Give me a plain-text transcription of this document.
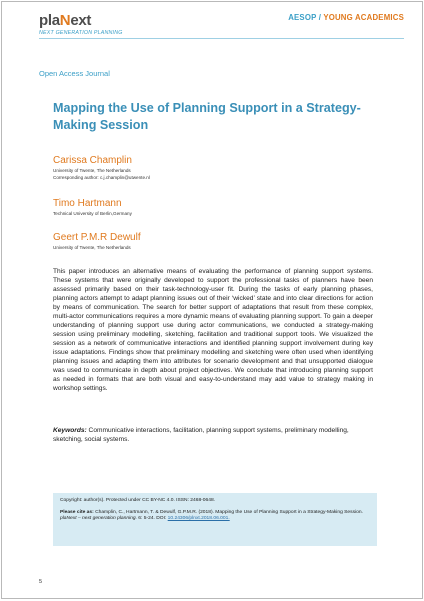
plaNext
NEXT GENERATION PLANNING
AESOP / YOUNG ACADEMICS
Open Access Journal
Mapping the Use of Planning Support in a Strategy-Making Session
Carissa Champlin
University of Twente, The Netherlands
Corresponding author: c.j.champlin@utwente.nl
Timo Hartmann
Technical University of Berlin,Germany
Geert P.M.R Dewulf
University of Twente, The Netherlands

This paper introduces an alternative means of evaluating the performance of planning support systems. These systems that were originally developed to support the professional tasks of planners have been assessed primarily based on their task-technology-user fit. During the tasks of early planning phases, planning actors attempt to adapt planning issues out of their ‘wicked’ state and into clear directions for action by means of communication. The search for better support of adaptations that result from these complex, multi-actor communications requires a more dynamic means of evaluating planning support. To gain a deeper understanding of planning support use during actor communications, we conducted a strategy-making session using preliminary modelling, sketching, facilitation and traditional support tools. We visualized the session as a network of communicative interactions and identified planning support involvement during key issue adaptations. Findings show that preliminary modelling and sketching were often used when identifying planning issues and adapting them into attributes for scenario development and that unsupported dialogue was used to communicate in depth about project objectives. We conclude that introducing planning support as needed in formats that are both visual and easy-to-understand may add value to strategy making in workshop settings.

Keywords: Communicative interactions, facilitation, planning support systems, preliminary modelling, sketching, social systems.

Copyright: author(s). Protected under CC BY-NC 4.0. ISSN: 2468-0648.
Please cite as: Champlin, C., Hartmann, T. & Dewulf, G.P.M.R. (2018). Mapping the Use of Planning Support in a Strategy-Making Session. plaNext – next generation planning. 6: 5-24. DOI: 10.24306/plnxt.2018.06.001.
5
